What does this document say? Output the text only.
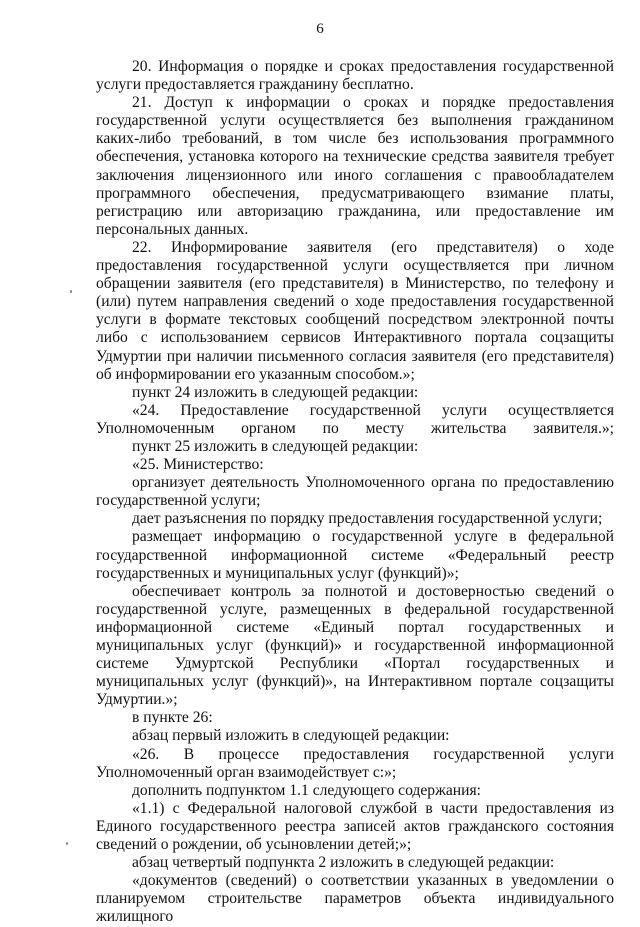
6

20. Информация о порядке и сроках предоставления государственной услуги предоставляется гражданину бесплатно.

21. Доступ к информации о сроках и порядке предоставления государственной услуги осуществляется без выполнения гражданином каких-либо требований, в том числе без использования программного обеспечения, установка которого на технические средства заявителя требует заключения лицензионного или иного соглашения с правообладателем программного обеспечения, предусматривающего взимание платы, регистрацию или авторизацию гражданина, или предоставление им персональных данных.

22. Информирование заявителя (его представителя) о ходе предоставления государственной услуги осуществляется при личном обращении заявителя (его представителя) в Министерство, по телефону и (или) путем направления сведений о ходе предоставления государственной услуги в формате текстовых сообщений посредством электронной почты либо с использованием сервисов Интерактивного портала соцзащиты Удмуртии при наличии письменного согласия заявителя (его представителя) об информировании его указанным способом.»;

пункт 24 изложить в следующей редакции:

«24. Предоставление государственной услуги осуществляется Уполномоченным органом по месту жительства заявителя.»;

пункт 25 изложить в следующей редакции:

«25. Министерство:

организует деятельность Уполномоченного органа по предоставлению государственной услуги;

дает разъяснения по порядку предоставления государственной услуги;

размещает информацию о государственной услуге в федеральной государственной информационной системе «Федеральный реестр государственных и муниципальных услуг (функций)»;

обеспечивает контроль за полнотой и достоверностью сведений о государственной услуге, размещенных в федеральной государственной информационной системе «Единый портал государственных и муниципальных услуг (функций)» и государственной информационной системе Удмуртской Республики «Портал государственных и муниципальных услуг (функций)», на Интерактивном портале соцзащиты Удмуртии.»;

в пункте 26:

абзац первый изложить в следующей редакции:

«26. В процессе предоставления государственной услуги Уполномоченный орган взаимодействует с:»;

дополнить подпунктом 1.1 следующего содержания:

«1.1) с Федеральной налоговой службой в части предоставления из Единого государственного реестра записей актов гражданского состояния сведений о рождении, об усыновлении детей;»;

абзац четвертый подпункта 2 изложить в следующей редакции:

«документов (сведений) о соответствии указанных в уведомлении о планируемом строительстве параметров объекта индивидуального жилищного
